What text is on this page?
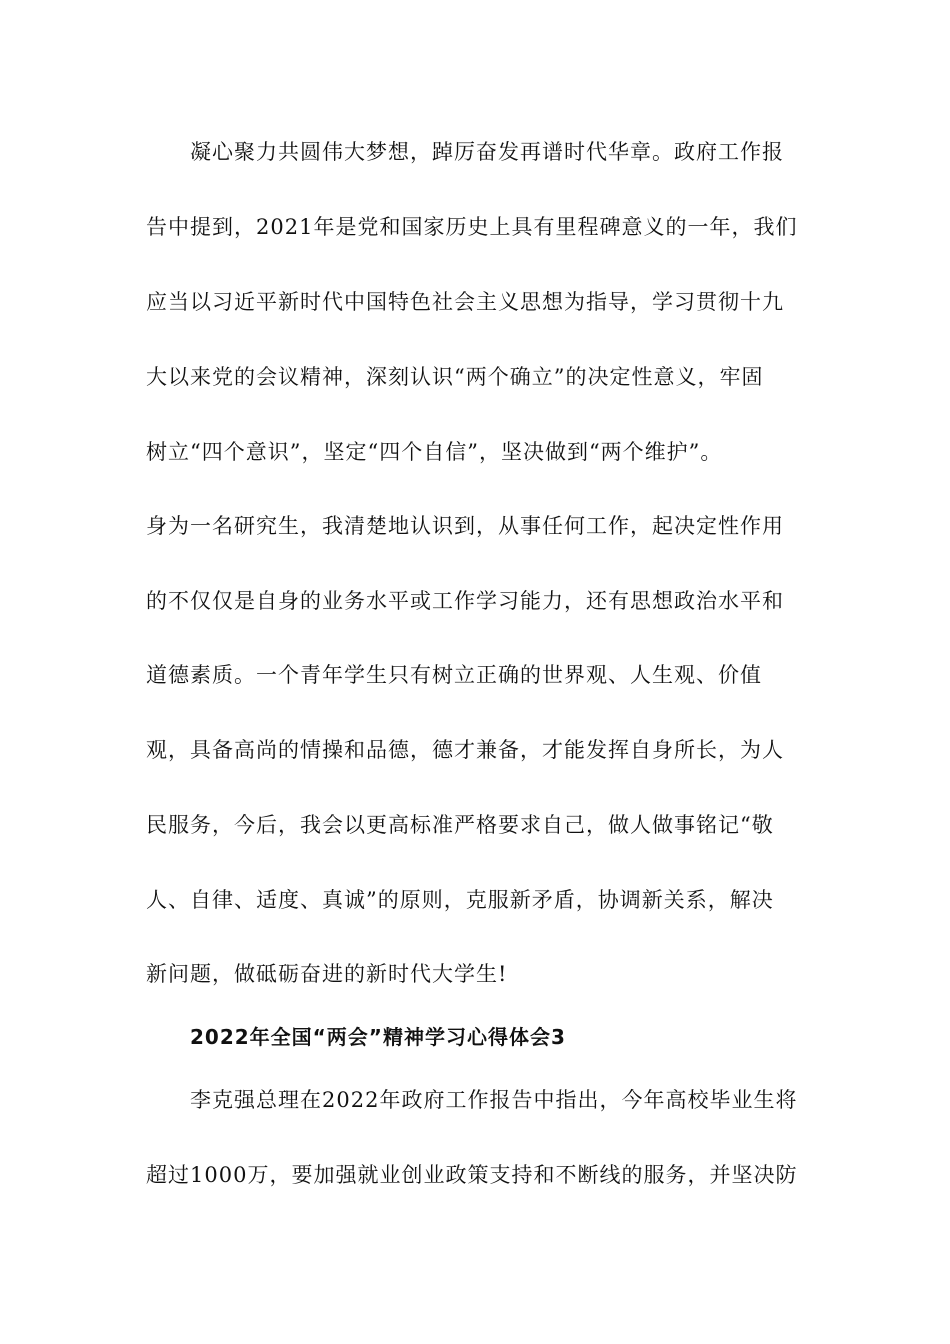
凝心聚力共圆伟大梦想，踔厉奋发再谱时代华章。政府工作报
告中提到，2021年是党和国家历史上具有里程碑意义的一年，我们
应当以习近平新时代中国特色社会主义思想为指导，学习贯彻十九
大以来党的会议精神，深刻认识“两个确立”的决定性意义，牢固
树立“四个意识”，坚定“四个自信”，坚决做到“两个维护”。
身为一名研究生，我清楚地认识到，从事任何工作，起决定性作用
的不仅仅是自身的业务水平或工作学习能力，还有思想政治水平和
道德素质。一个青年学生只有树立正确的世界观、人生观、价值
观，具备高尚的情操和品德，德才兼备，才能发挥自身所长，为人
民服务，今后，我会以更高标准严格要求自己，做人做事铭记“敬
人、自律、适度、真诚”的原则，克服新矛盾，协调新关系，解决
新问题，做砥砺奋进的新时代大学生!
2022年全国“两会”精神学习心得体会3
李克强总理在2022年政府工作报告中指出，今年高校毕业生将
超过1000万，要加强就业创业政策支持和不断线的服务，并坚决防
